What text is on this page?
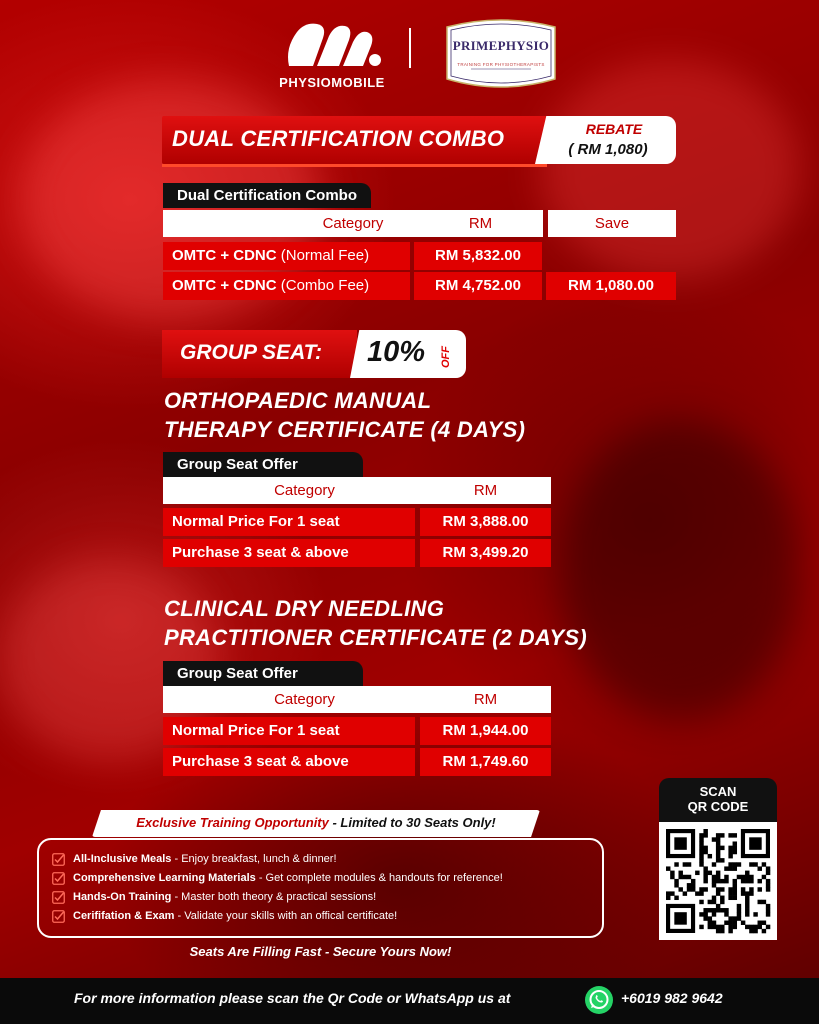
PHYSIOMOBILE
PRIMEPHYSIO
TRAINING FOR PHYSIOTHERAPISTS
DUAL CERTIFICATION COMBO	REBATE
( RM 1,080)
Dual Certification Combo
Category	RM	Save
OMTC + CDNC (Normal Fee)	RM 5,832.00
OMTC + CDNC (Combo Fee)	RM 4,752.00	RM 1,080.00
GROUP SEAT: 10% OFF
ORTHOPAEDIC MANUAL
THERAPY CERTIFICATE (4 DAYS)
Group Seat Offer
Category	RM
Normal Price For 1 seat	RM 3,888.00
Purchase 3 seat & above	RM 3,499.20
CLINICAL DRY NEEDLING
PRACTITIONER CERTIFICATE (2 DAYS)
Group Seat Offer
Category	RM
Normal Price For 1 seat	RM 1,944.00
Purchase 3 seat & above	RM 1,749.60
Exclusive Training Opportunity - Limited to 30 Seats Only!
All-Inclusive Meals - Enjoy breakfast, lunch & dinner!
Comprehensive Learning Materials - Get complete modules & handouts for reference!
Hands-On Training - Master both theory & practical sessions!
Cerififation & Exam - Validate your skills with an offical certificate!
Seats Are Filling Fast - Secure Yours Now!
SCAN
QR CODE
For more information please scan the Qr Code or WhatsApp us at	+6019 982 9642
